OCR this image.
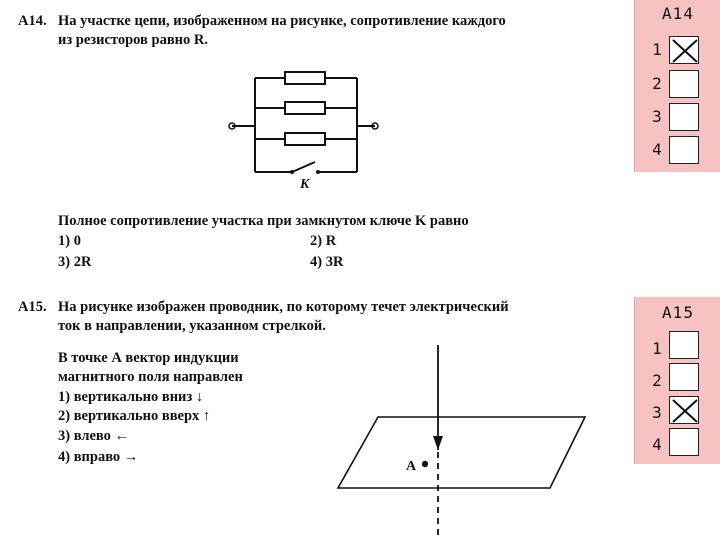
A14. На участке цепи, изображенном на рисунке, сопротивление каждого
из резисторов равно R.
K
Полное сопротивление участка при замкнутом ключе K равно
1) 0	2) R
3) 2R	4) 3R
A15. На рисунке изображен проводник, по которому течет электрический
ток в направлении, указанном стрелкой.
В точке А вектор индукции
магнитного поля направлен
1) вертикально вниз ↓
2) вертикально вверх ↑
3) влево ←
4) вправо →
A
A14
1
2
3
4
A15
1
2
3
4
